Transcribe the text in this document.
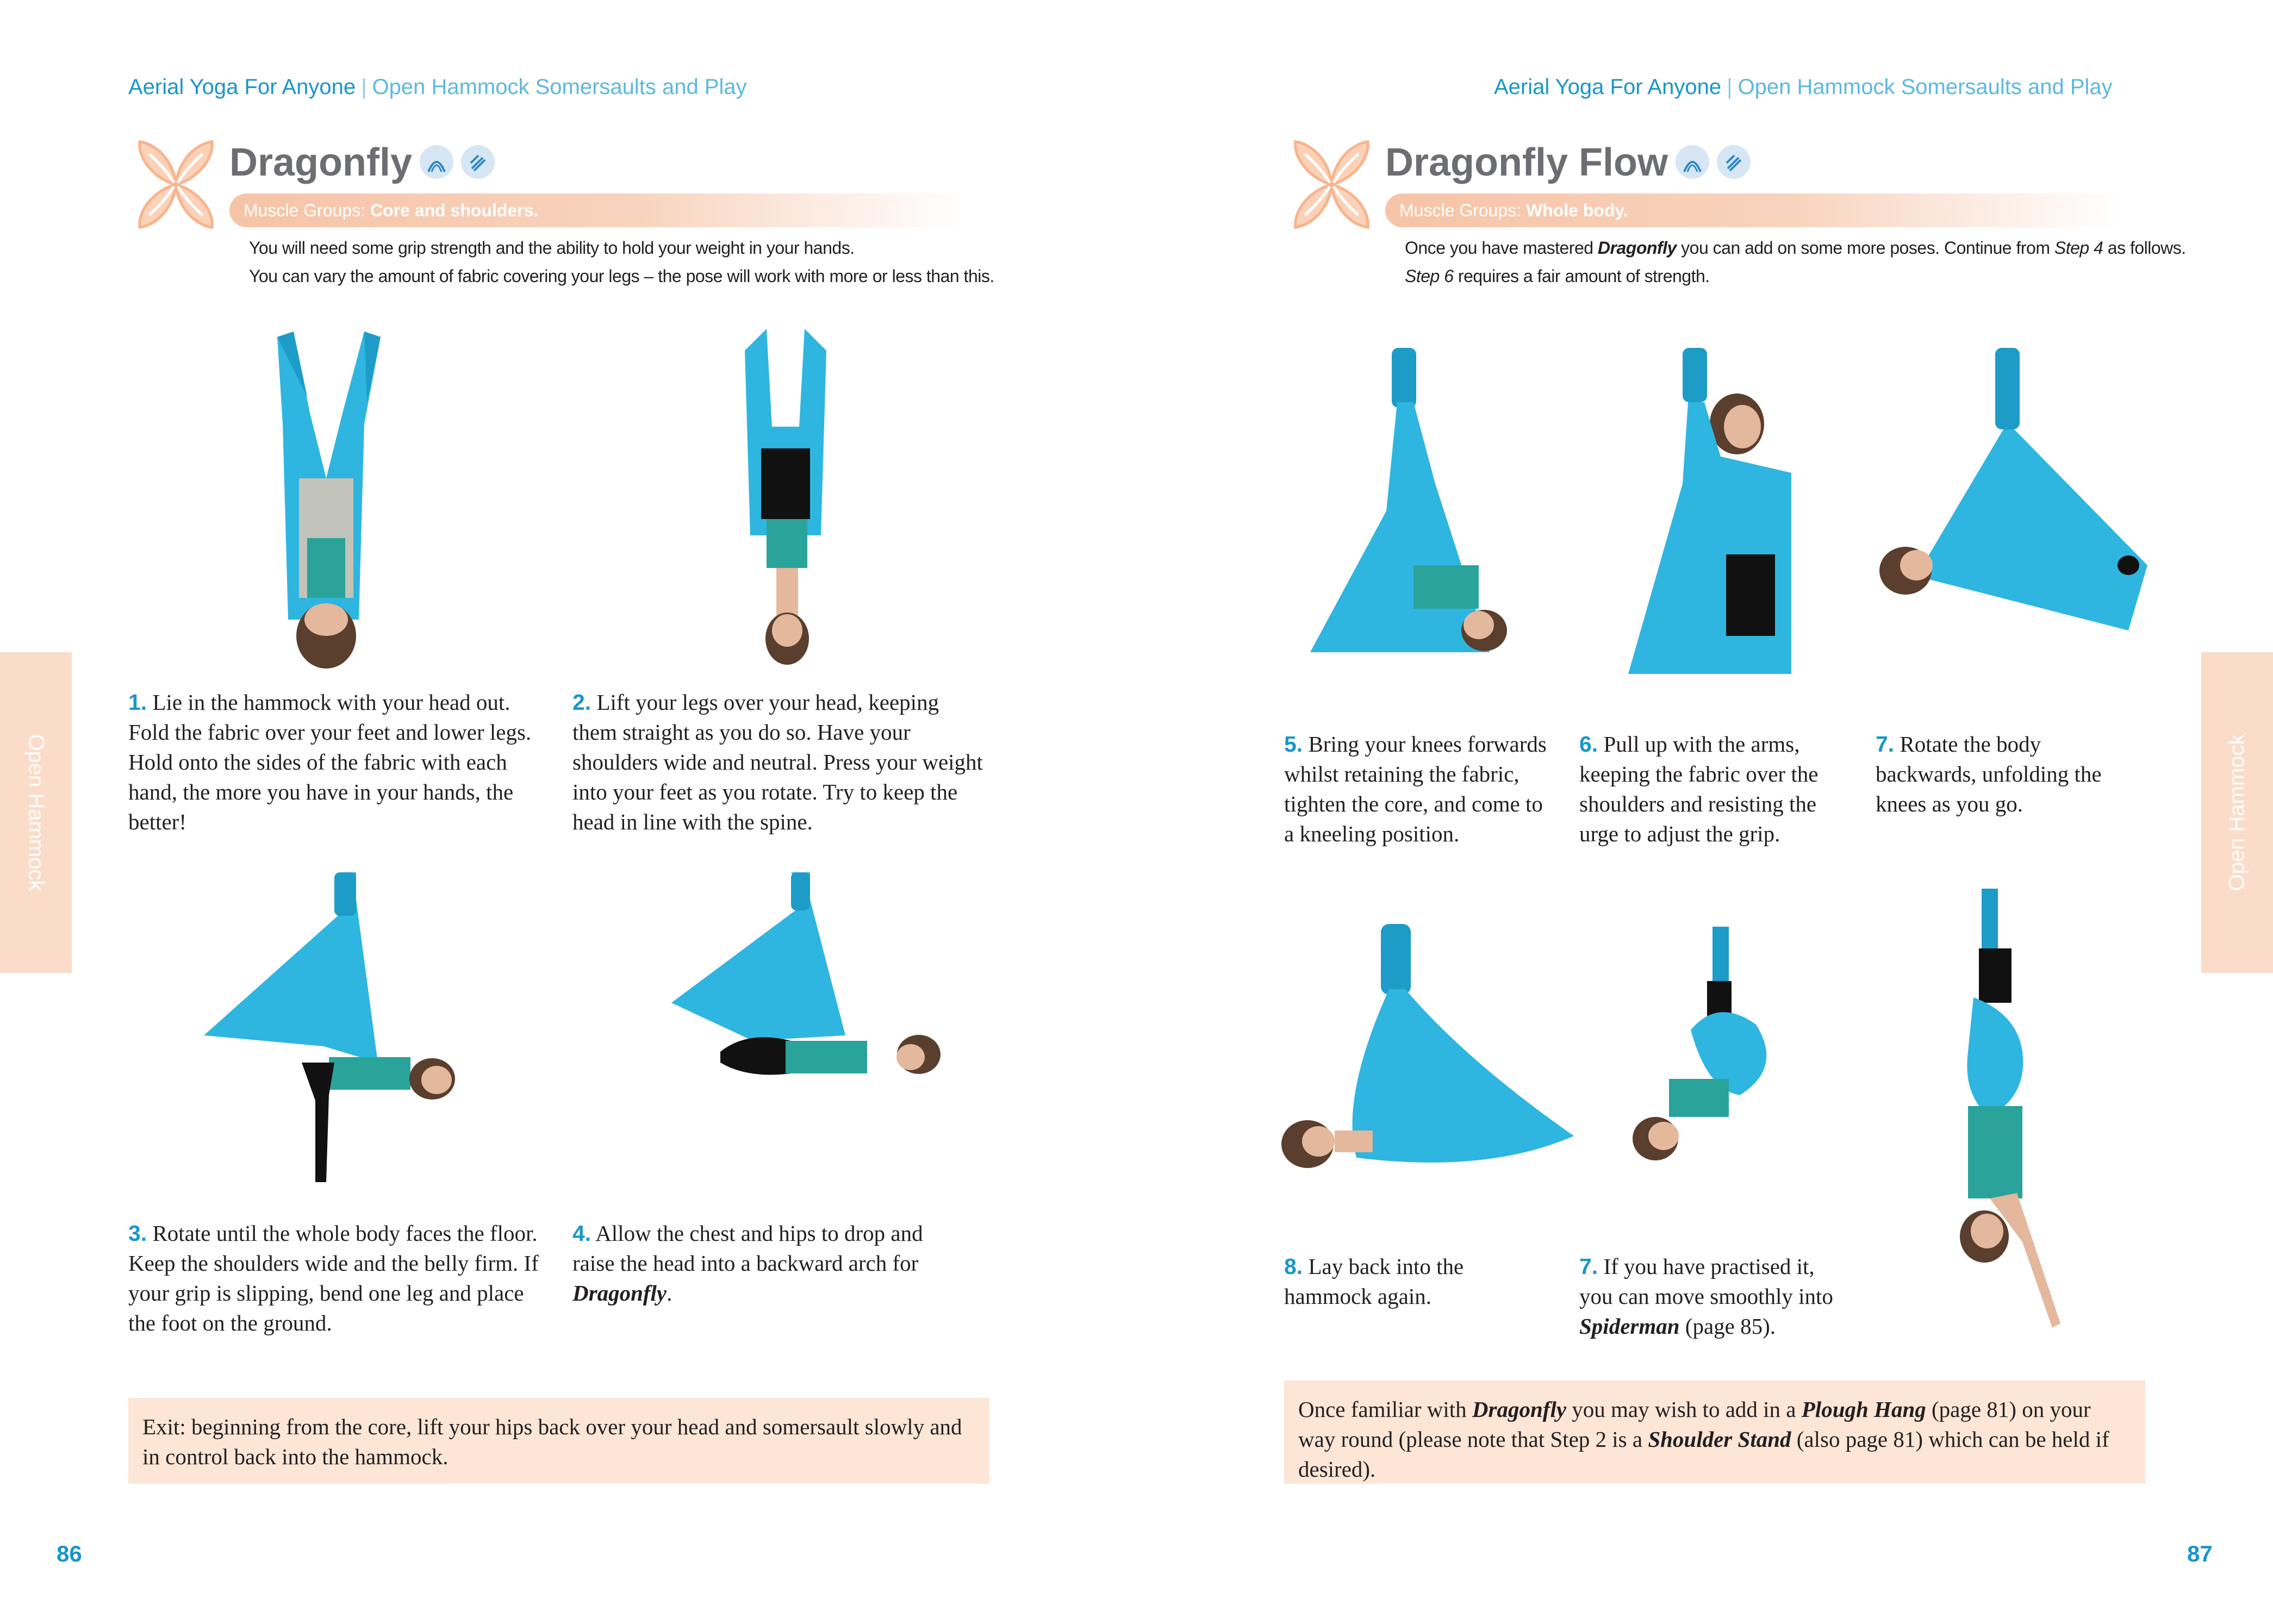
Aerial Yoga For Anyone | Open Hammock Somersaults and Play	Aerial Yoga For Anyone | Open Hammock Somersaults and Play
Dragonfly	Dragonfly Flow
Muscle Groups: Core and shoulders.	Muscle Groups: Whole body.
You will need some grip strength and the ability to hold your weight in your hands.
You can vary the amount of fabric covering your legs – the pose will work with more or less than this.
Once you have mastered Dragonfly you can add on some more poses. Continue from Step 4 as follows.
Step 6 requires a fair amount of strength.
1. Lie in the hammock with your head out. Fold the fabric over your feet and lower legs. Hold onto the sides of the fabric with each hand, the more you have in your hands, the better!
2. Lift your legs over your head, keeping them straight as you do so. Have your shoulders wide and neutral. Press your weight into your feet as you rotate. Try to keep the head in line with the spine.
3. Rotate until the whole body faces the floor. Keep the shoulders wide and the belly firm. If your grip is slipping, bend one leg and place the foot on the ground.
4. Allow the chest and hips to drop and raise the head into a backward arch for Dragonfly.
5. Bring your knees forwards whilst retaining the fabric, tighten the core, and come to a kneeling position.
6. Pull up with the arms, keeping the fabric over the shoulders and resisting the urge to adjust the grip.
7. Rotate the body backwards, unfolding the knees as you go.
8. Lay back into the hammock again.
7. If you have practised it, you can move smoothly into Spiderman (page 85).
Exit: beginning from the core, lift your hips back over your head and somersault slowly and in control back into the hammock.
Once familiar with Dragonfly you may wish to add in a Plough Hang (page 81) on your way round (please note that Step 2 is a Shoulder Stand (also page 81) which can be held if desired).
Open Hammock	Open Hammock
86	87
